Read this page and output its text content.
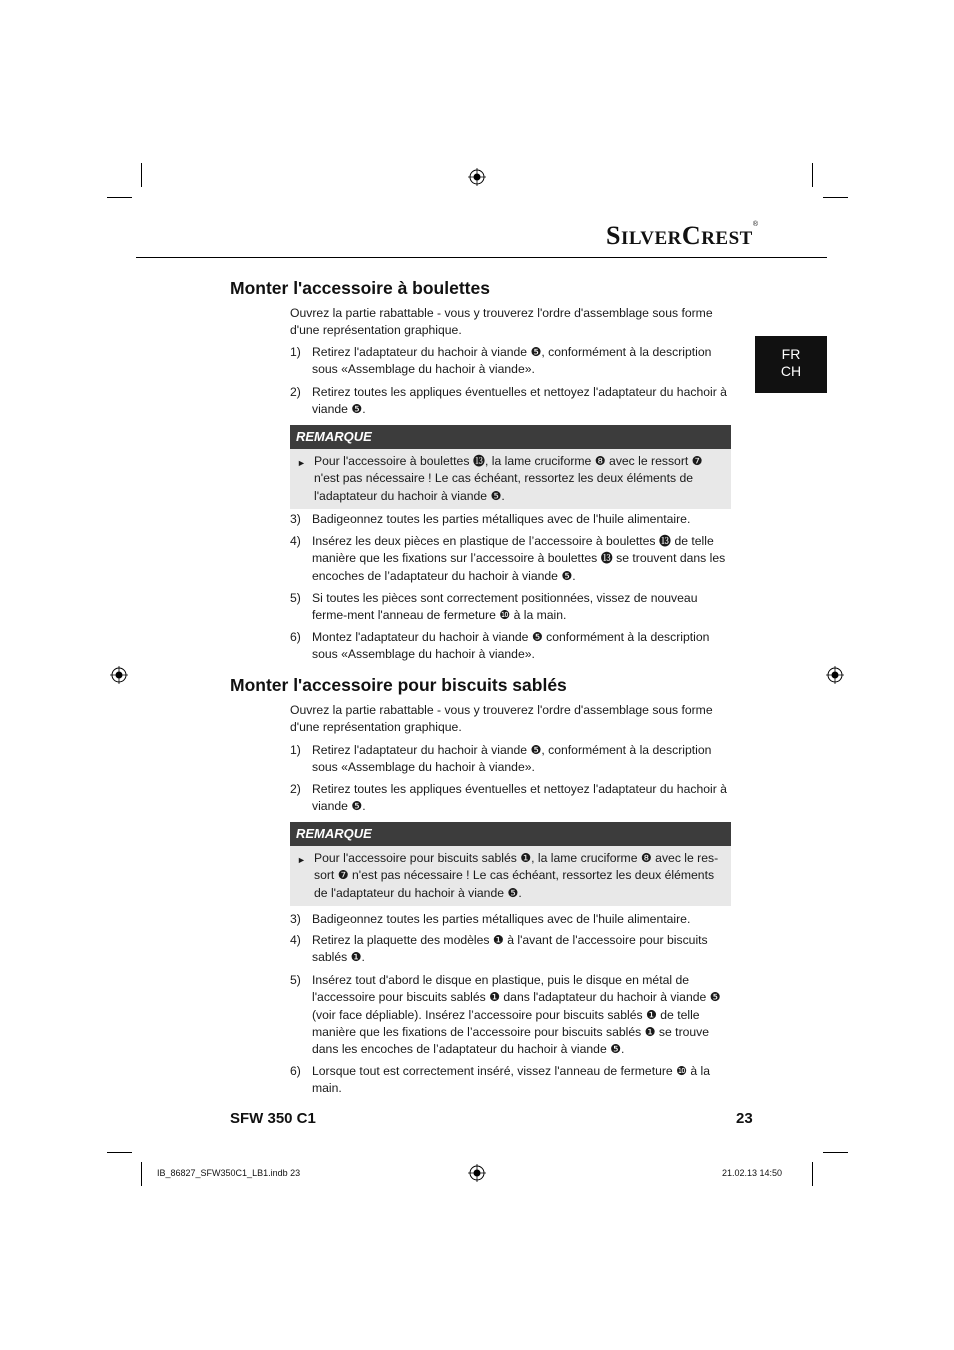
SILVERCREST®
FR
CH
Monter l'accessoire à boulettes

Ouvrez la partie rabattable - vous y trouverez l'ordre d'assemblage sous forme d'une représentation graphique.

1) Retirez l'adaptateur du hachoir à viande ❺, conformément à la description sous «Assemblage du hachoir à viande».
2) Retirez toutes les appliques éventuelles et nettoyez l'adaptateur du hachoir à viande ❺.
REMARQUE
► Pour l'accessoire à boulettes ⓭, la lame cruciforme ❽ avec le ressort ❼ n'est pas nécessaire ! Le cas échéant, ressortez les deux éléments de l'adaptateur du hachoir à viande ❺.
3) Badigeonnez toutes les parties métalliques avec de l'huile alimentaire.
4) Insérez les deux pièces en plastique de l’accessoire à boulettes ⓭ de telle manière que les fixations sur l’accessoire à boulettes ⓭ se trouvent dans les encoches de l’adaptateur du hachoir à viande ❺.
5) Si toutes les pièces sont correctement positionnées, vissez de nouveau ferme-ment l'anneau de fermeture ❿ à la main.
6) Montez l'adaptateur du hachoir à viande ❺ conformément à la description sous «Assemblage du hachoir à viande».
Monter l'accessoire pour biscuits sablés

Ouvrez la partie rabattable - vous y trouverez l'ordre d'assemblage sous forme d'une représentation graphique.

1) Retirez l'adaptateur du hachoir à viande ❺, conformément à la description sous «Assemblage du hachoir à viande».
2) Retirez toutes les appliques éventuelles et nettoyez l'adaptateur du hachoir à viande ❺.
REMARQUE
► Pour l'accessoire pour biscuits sablés ❶, la lame cruciforme ❽ avec le res-sort ❼ n'est pas nécessaire ! Le cas échéant, ressortez les deux éléments de l'adaptateur du hachoir à viande ❺.
3) Badigeonnez toutes les parties métalliques avec de l'huile alimentaire.
4) Retirez la plaquette des modèles ❶ à l'avant de l'accessoire pour biscuits sablés ❶.
5) Insérez tout d'abord le disque en plastique, puis le disque en métal de l'accessoire pour biscuits sablés ❶ dans l'adaptateur du hachoir à viande ❺ (voir face dépliable). Insérez l’accessoire pour biscuits sablés ❶ de telle manière que les fixations de l’accessoire pour biscuits sablés ❶ se trouve dans les encoches de l’adaptateur du hachoir à viande ❺.
6) Lorsque tout est correctement inséré, vissez l'anneau de fermeture ❿ à la main.
SFW 350 C1	23
IB_86827_SFW350C1_LB1.indb 23	21.02.13 14:50
